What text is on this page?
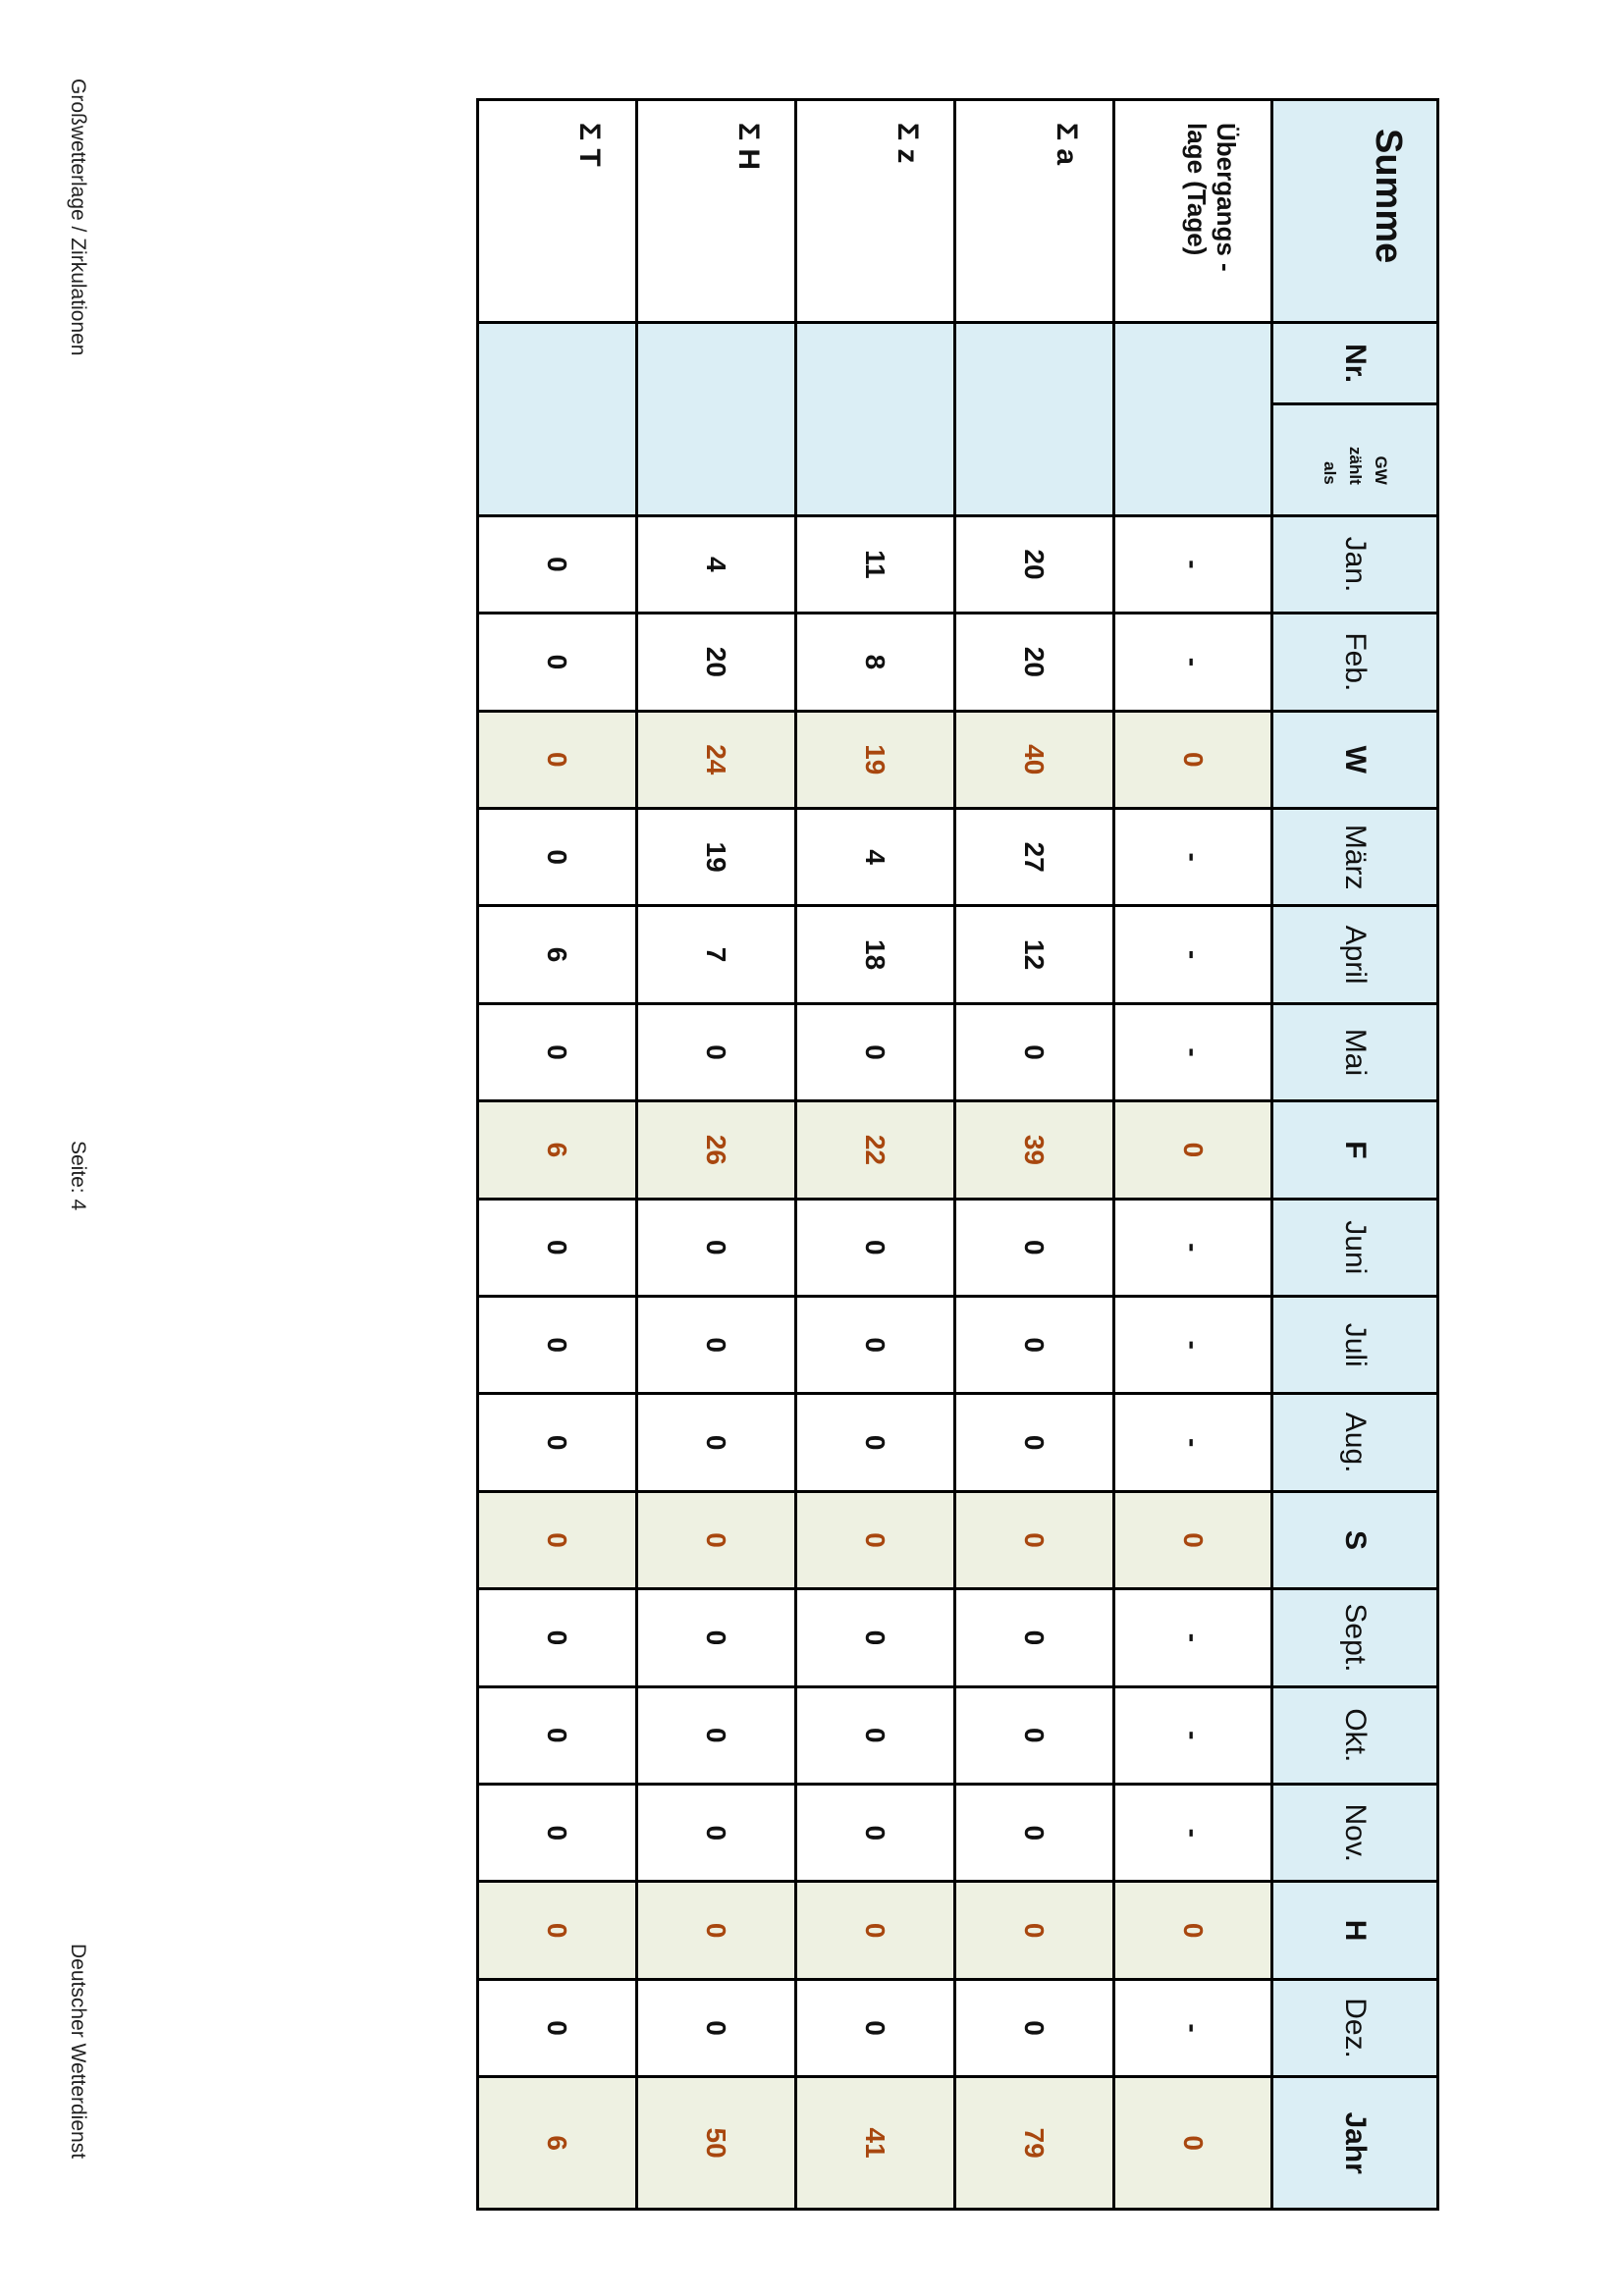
Großwetterlage / Zirkulationen
Seite: 4
Deutscher Wetterdienst
Summe	Nr.
GW
zählt
als	Jan.	Feb.	W	März	April	Mai	F	Juni	Juli	Aug.	S	Sept.	Okt.	Nov.	H	Dez.	Jahr
Übergangs - lage (Tage)		-	-	0	-	-	-	0	-	-	-	0	-	-	-	0	-	0
Σ a		20	20	40	27	12	0	39	0	0	0	0	0	0	0	0	0	79
Σ z		11	8	19	4	18	0	22	0	0	0	0	0	0	0	0	0	41
Σ H		4	20	24	19	7	0	26	0	0	0	0	0	0	0	0	0	50
Σ T		0	0	0	0	6	0	6	0	0	0	0	0	0	0	0	0	6
